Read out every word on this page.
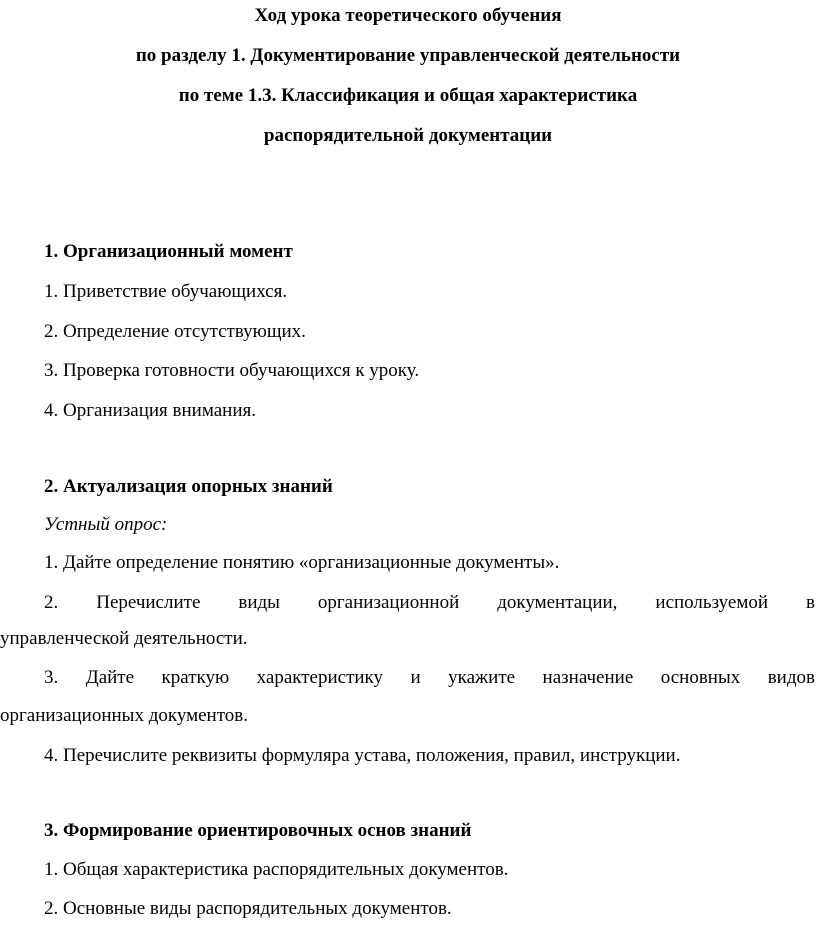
Ход урока теоретического обучения
по разделу 1. Документирование управленческой деятельности
по теме 1.3. Классификация и общая характеристика
распорядительной документации
1. Организационный момент
1. Приветствие обучающихся.
2. Определение отсутствующих.
3. Проверка готовности обучающихся к уроку.
4. Организация внимания.
2. Актуализация опорных знаний
Устный опрос:
1. Дайте определение понятию «организационные документы».
2. Перечислите виды организационной документации, используемой в
управленческой деятельности.
3. Дайте краткую характеристику и укажите назначение основных видов
организационных документов.
4. Перечислите реквизиты формуляра устава, положения, правил, инструкции.
3. Формирование ориентировочных основ знаний
1. Общая характеристика распорядительных документов.
2. Основные виды распорядительных документов.
